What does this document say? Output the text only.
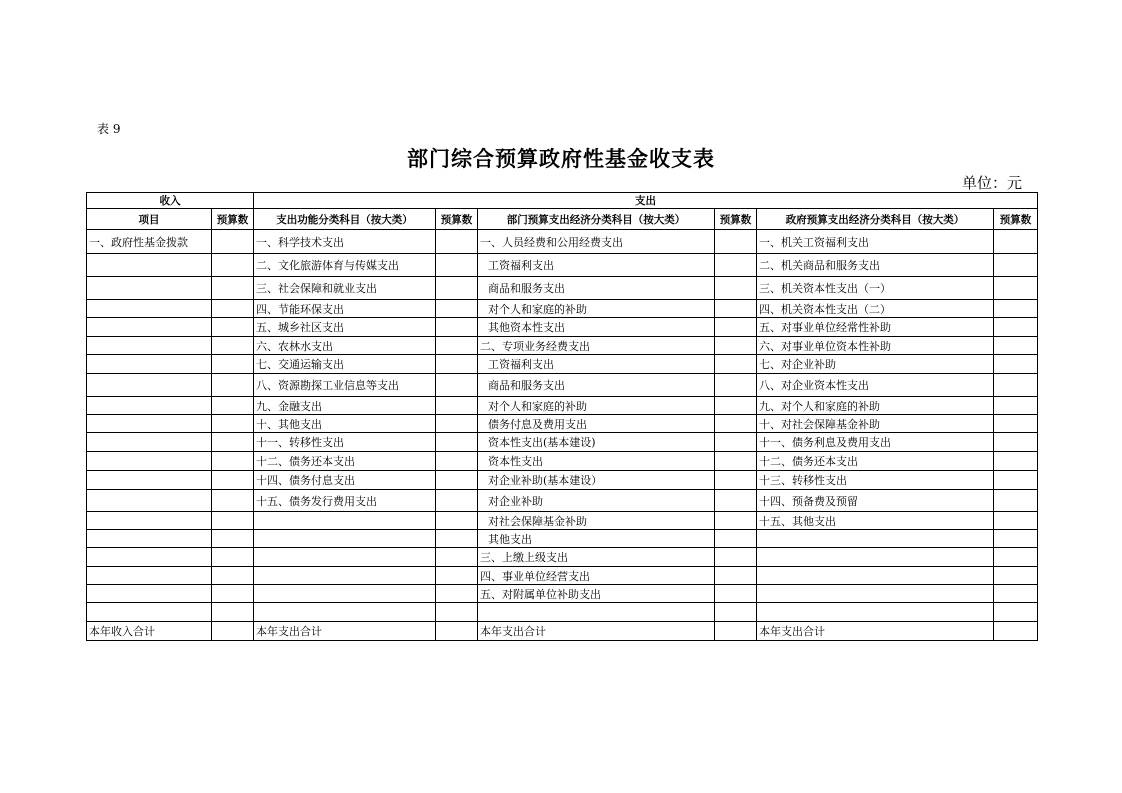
表 9
部门综合预算政府性基金收支表
单位：元
收入		支出					
项目	预算数	支出功能分类科目（按大类）	预算数	部门预算支出经济分类科目（按大类）	预算数	政府预算支出经济分类科目（按大类）	预算数
一、政府性基金拨款		一、科学技术支出		一、人员经费和公用经费支出		一、机关工资福利支出	
		二、文化旅游体育与传媒支出		工资福利支出		二、机关商品和服务支出	
		三、社会保障和就业支出		商品和服务支出		三、机关资本性支出（一）	
		四、节能环保支出		对个人和家庭的补助		四、机关资本性支出（二）	
		五、城乡社区支出		其他资本性支出		五、对事业单位经常性补助	
		六、农林水支出		二、专项业务经费支出		六、对事业单位资本性补助	
		七、交通运输支出		工资福利支出		七、对企业补助	
		八、资源勘探工业信息等支出		商品和服务支出		八、对企业资本性支出	
		九、金融支出		对个人和家庭的补助		九、对个人和家庭的补助	
		十、其他支出		债务付息及费用支出		十、对社会保障基金补助	
		十一、转移性支出		资本性支出(基本建设)		十一、债务利息及费用支出	
		十二、债务还本支出		资本性支出		十二、债务还本支出	
		十四、债务付息支出		对企业补助(基本建设）		十三、转移性支出	
		十五、债务发行费用支出		对企业补助		十四、预备费及预留	
				对社会保障基金补助		十五、其他支出	
				其他支出			
				三、上缴上级支出			
				四、事业单位经营支出			
				五、对附属单位补助支出			

本年收入合计		本年支出合计		本年支出合计		本年支出合计	
